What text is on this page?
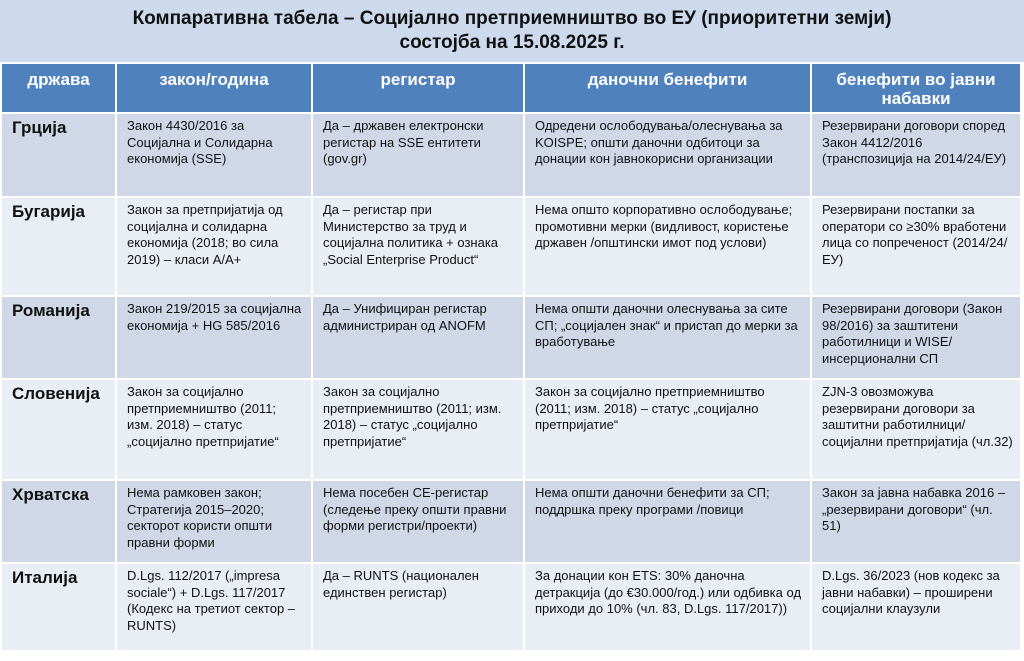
Компаративна табела – Социјално претприемништво во ЕУ (приоритетни земји)
состојба на 15.08.2025 г.
држава	закон/година	регистар	даночни бенефити	бенефити во јавни набавки
Грција	Закон 4430/2016 за Социјална и Солидарна економија (SSE)	Да – државен електронски регистар на SSE ентитети (gov.gr)	Одредени ослободувања/олеснувања за KOISPE; општи даночни одбитоци за донации кон јавнокорисни организации	Резервирани договори според Закон 4412/2016 (транспозиција на 2014/24/ЕУ)
Бугарија	Закон за претпријатија од социјална и солидарна економија (2018; во сила 2019) – класи A/A+	Да – регистар при Министерство за труд и социјална политика + ознака „Social Enterprise Product“	Нема општо корпоративно ослободување; промотивни мерки (видливост, користење државен /општински имот под услови)	Резервирани постапки за оператори со ≥30% вработени лица со попреченост (2014/24/ЕУ)
Романија	Закон 219/2015 за социјална економија + HG 585/2016	Да – Унифициран регистар администриран од ANOFM	Нема општи даночни олеснувања за сите СП; „социјален знак“ и пристап до мерки за вработување	Резервирани договори (Закон 98/2016) за заштитени работилници и WISE/инсерционални СП
Словенија	Закон за социјално претприемништво (2011; изм. 2018) – статус „социјално претпријатие“	Закон за социјално претприемништво (2011; изм. 2018) – статус „социјално претпријатие“	Закон за социјално претприемништво (2011; изм. 2018) – статус „социјално претпријатие“	ZJN-3 овозможува резервирани договори за заштитни работилници/ социјални претпријатија (чл.32)
Хрватска	Нема рамковен закон; Стратегија 2015–2020; секторот користи општи правни форми	Нема посебен СЕ-регистар (следење преку општи правни форми регистри/проекти)	Нема општи даночни бенефити за СП; поддршка преку програми /повици	Закон за јавна набавка 2016 – „резервирани договори“ (чл. 51)
Италија	D.Lgs. 112/2017 („impresa sociale“) + D.Lgs. 117/2017 (Кодекс на третиот сектор – RUNTS)	Да – RUNTS (национален единствен регистар)	За донации кон ETS: 30% даночна детракција (до €30.000/год.) или одбивка од приходи до 10% (чл. 83, D.Lgs. 117/2017))	D.Lgs. 36/2023 (нов кодекс за јавни набавки) – проширени социјални клаузули
